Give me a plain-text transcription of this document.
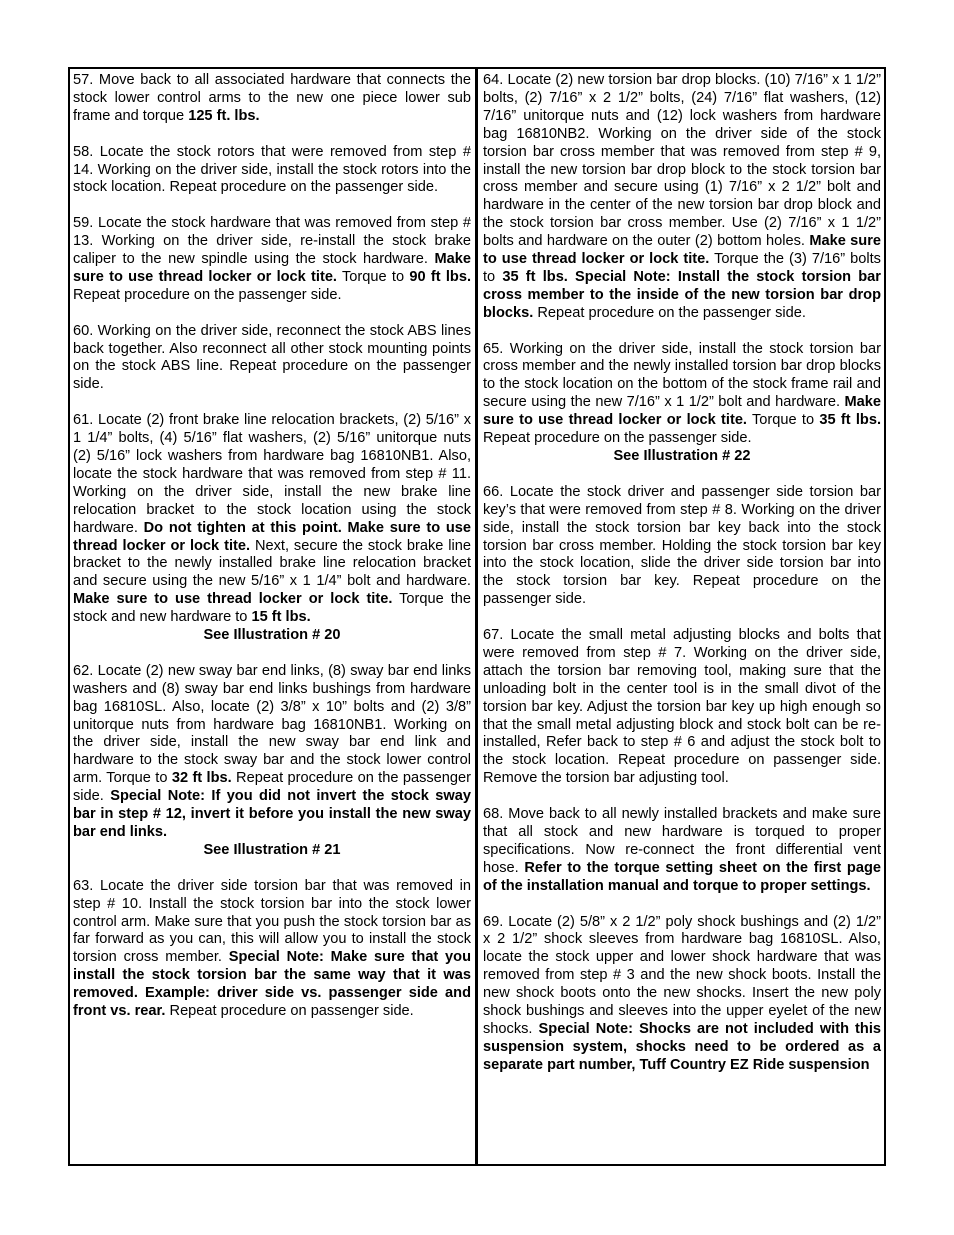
57. Move back to all associated hardware that connects the stock lower control arms to the new one piece lower sub frame and torque 125 ft. lbs.
58. Locate the stock rotors that were removed from step # 14. Working on the driver side, install the stock rotors into the stock location. Repeat procedure on the passenger side.
59. Locate the stock hardware that was removed from step # 13. Working on the driver side, re-install the stock brake caliper to the new spindle using the stock hardware. Make sure to use thread locker or lock tite. Torque to 90 ft lbs. Repeat procedure on the passenger side.
60. Working on the driver side, reconnect the stock ABS lines back together. Also reconnect all other stock mounting points on the stock ABS line. Repeat procedure on the passenger side.
61. Locate (2) front brake line relocation brackets, (2) 5/16” x 1 1/4” bolts, (4) 5/16” flat washers, (2) 5/16” unitorque nuts (2) 5/16” lock washers from hardware bag 16810NB1. Also, locate the stock hardware that was removed from step # 11. Working on the driver side, install the new brake line relocation bracket to the stock location using the stock hardware. Do not tighten at this point. Make sure to use thread locker or lock tite. Next, secure the stock brake line bracket to the newly installed brake line relocation bracket and secure using the new 5/16” x 1 1/4” bolt and hardware. Make sure to use thread locker or lock tite. Torque the stock and new hardware to 15 ft lbs.
See Illustration # 20
62. Locate (2) new sway bar end links, (8) sway bar end links washers and (8) sway bar end links bushings from hardware bag 16810SL. Also, locate (2) 3/8” x 10” bolts and (2) 3/8” unitorque nuts from hardware bag 16810NB1. Working on the driver side, install the new sway bar end link and hardware to the stock sway bar and the stock lower control arm. Torque to 32 ft lbs. Repeat procedure on the passenger side. Special Note: If you did not invert the stock sway bar in step # 12, invert it before you install the new sway bar end links.
See Illustration # 21
63. Locate the driver side torsion bar that was removed in step # 10. Install the stock torsion bar into the stock lower control arm. Make sure that you push the stock torsion bar as far forward as you can, this will allow you to install the stock torsion cross member. Special Note: Make sure that you install the stock torsion bar the same way that it was removed. Example: driver side vs. passenger side and front vs. rear. Repeat procedure on passenger side.
64. Locate (2) new torsion bar drop blocks. (10) 7/16” x 1 1/2” bolts, (2) 7/16” x 2 1/2” bolts, (24) 7/16” flat washers, (12) 7/16” unitorque nuts and (12) lock washers from hardware bag 16810NB2. Working on the driver side of the stock torsion bar cross member that was removed from step # 9, install the new torsion bar drop block to the stock torsion bar cross member and secure using (1) 7/16” x 2 1/2” bolt and hardware in the center of the new torsion bar drop block and the stock torsion bar cross member. Use (2) 7/16” x 1 1/2” bolts and hardware on the outer (2) bottom holes. Make sure to use thread locker or lock tite. Torque the (3) 7/16” bolts to 35 ft lbs. Special Note: Install the stock torsion bar cross member to the inside of the new torsion bar drop blocks. Repeat procedure on the passenger side.
65. Working on the driver side, install the stock torsion bar cross member and the newly installed torsion bar drop blocks to the stock location on the bottom of the stock frame rail and secure using the new 7/16” x 1 1/2” bolt and hardware. Make sure to use thread locker or lock tite. Torque to 35 ft lbs. Repeat procedure on the passenger side.
See Illustration # 22
66. Locate the stock driver and passenger side torsion bar key’s that were removed from step # 8. Working on the driver side, install the stock torsion bar key back into the stock torsion bar cross member. Holding the stock torsion bar key into the stock location, slide the driver side torsion bar into the stock torsion bar key. Repeat procedure on the passenger side.
67. Locate the small metal adjusting blocks and bolts that were removed from step # 7. Working on the driver side, attach the torsion bar removing tool, making sure that the unloading bolt in the center tool is in the small divot of the torsion bar key. Adjust the torsion bar key up high enough so that the small metal adjusting block and stock bolt can be re-installed, Refer back to step # 6 and adjust the stock bolt to the stock location. Repeat procedure on passenger side. Remove the torsion bar adjusting tool.
68. Move back to all newly installed brackets and make sure that all stock and new hardware is torqued to proper specifications. Now re-connect the front differential vent hose. Refer to the torque setting sheet on the first page of the installation manual and torque to proper settings.
69. Locate (2) 5/8” x 2 1/2” poly shock bushings and (2) 1/2” x 2 1/2” shock sleeves from hardware bag 16810SL. Also, locate the stock upper and lower shock hardware that was removed from step # 3 and the new shock boots. Install the new shock boots onto the new shocks. Insert the new poly shock bushings and sleeves into the upper eyelet of the new shocks. Special Note: Shocks are not included with this suspension system, shocks need to be ordered as a separate part number, Tuff Country EZ Ride suspension
